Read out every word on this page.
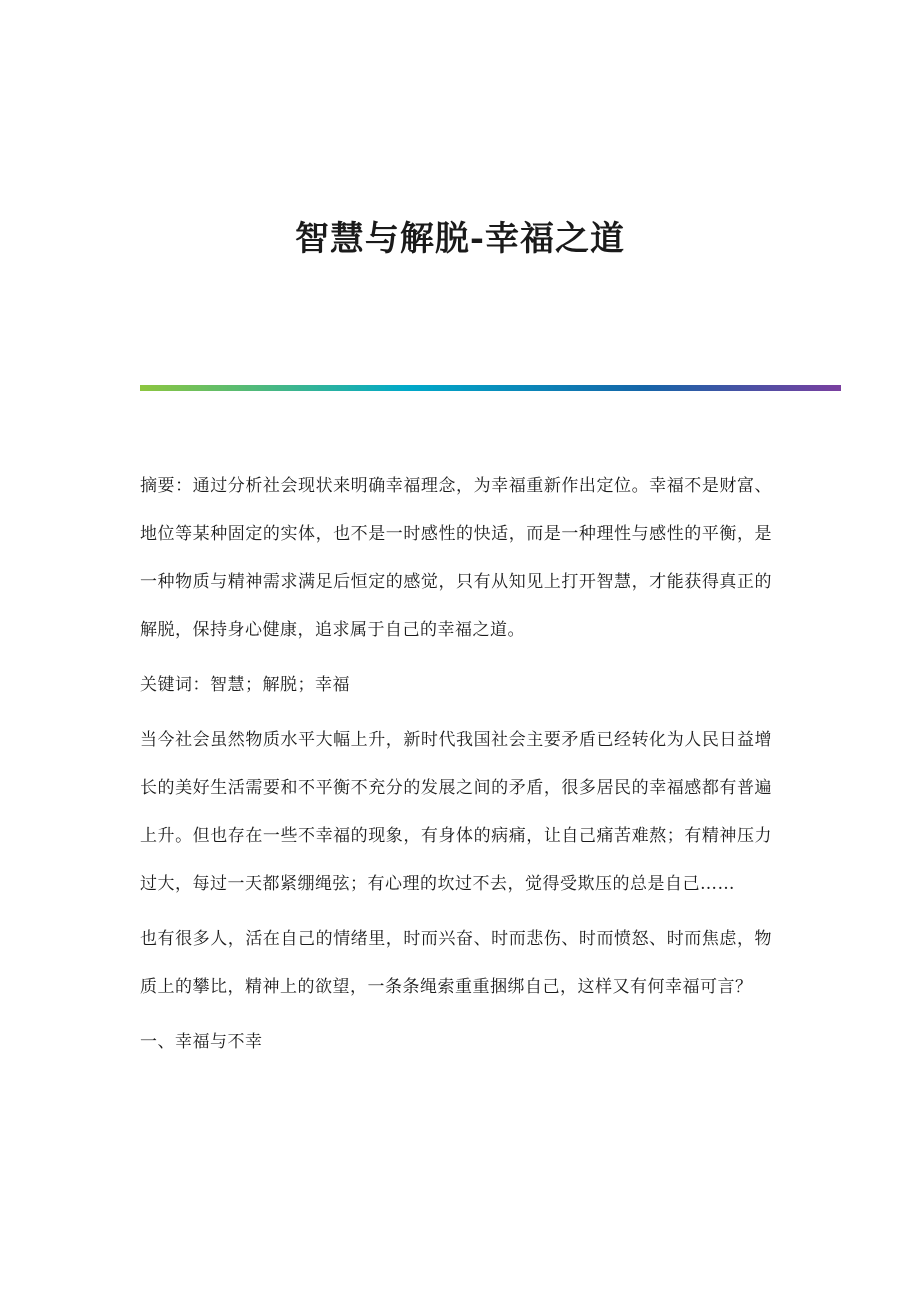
智慧与解脱-幸福之道

摘要：通过分析社会现状来明确幸福理念，为幸福重新作出定位。幸福不是财富、地位等某种固定的实体，也不是一时感性的快适，而是一种理性与感性的平衡，是一种物质与精神需求满足后恒定的感觉，只有从知见上打开智慧，才能获得真正的解脱，保持身心健康，追求属于自己的幸福之道。

关键词：智慧；解脱；幸福

当今社会虽然物质水平大幅上升，新时代我国社会主要矛盾已经转化为人民日益增长的美好生活需要和不平衡不充分的发展之间的矛盾，很多居民的幸福感都有普遍上升。但也存在一些不幸福的现象，有身体的病痛，让自己痛苦难熬；有精神压力过大，每过一天都紧绷绳弦；有心理的坎过不去，觉得受欺压的总是自己……

也有很多人，活在自己的情绪里，时而兴奋、时而悲伤、时而愤怒、时而焦虑，物质上的攀比，精神上的欲望，一条条绳索重重捆绑自己，这样又有何幸福可言？

一、幸福与不幸
